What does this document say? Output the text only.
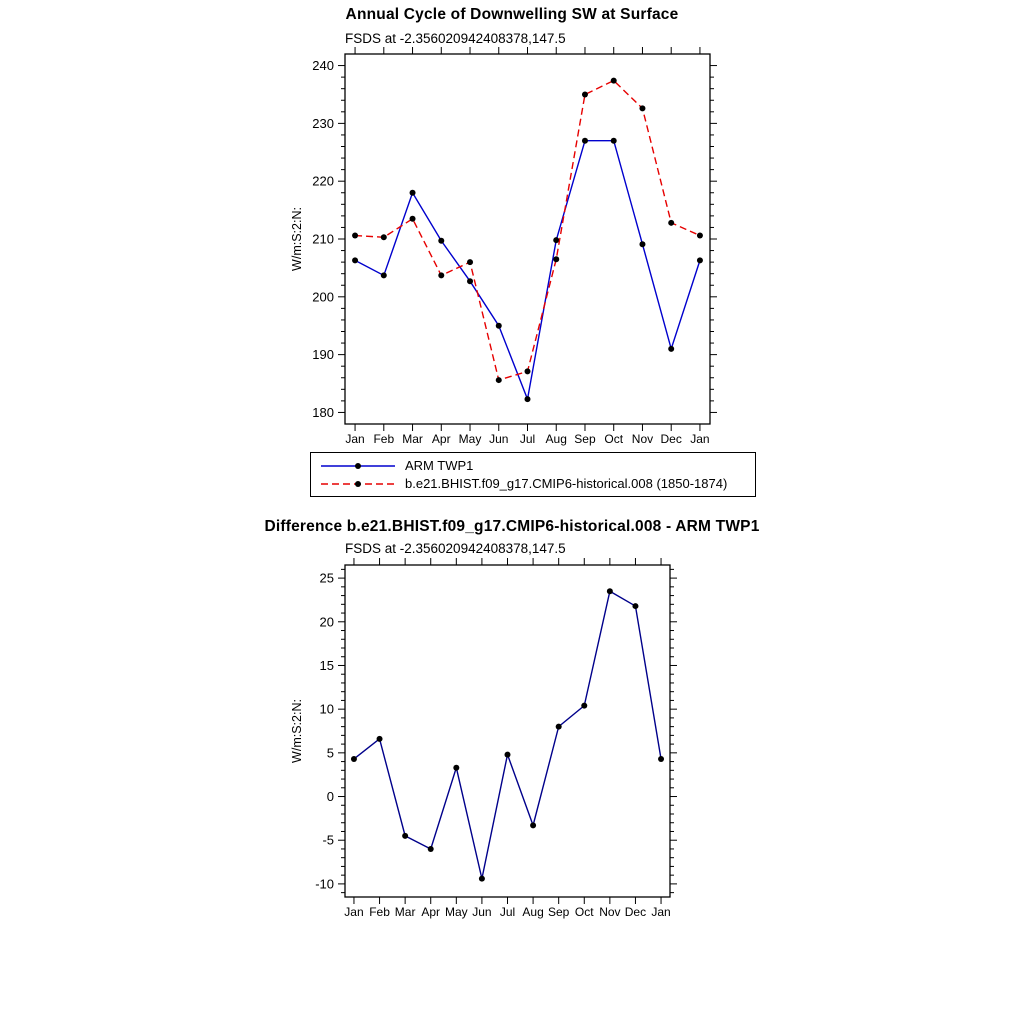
Annual Cycle of Downwelling SW at Surface
FSDS at -2.356020942408378,147.5
180
190
200
210
220
230
240
Jan Feb Mar Apr May Jun Jul Aug Sep Oct Nov Dec Jan
W/m:S:2:N:
ARM TWP1
b.e21.BHIST.f09_g17.CMIP6-historical.008 (1850-1874)
Difference b.e21.BHIST.f09_g17.CMIP6-historical.008 - ARM TWP1
FSDS at -2.356020942408378,147.5
-10
-5
0
5
10
15
20
25
Jan Feb Mar Apr May Jun Jul Aug Sep Oct Nov Dec Jan
W/m:S:2:N:
